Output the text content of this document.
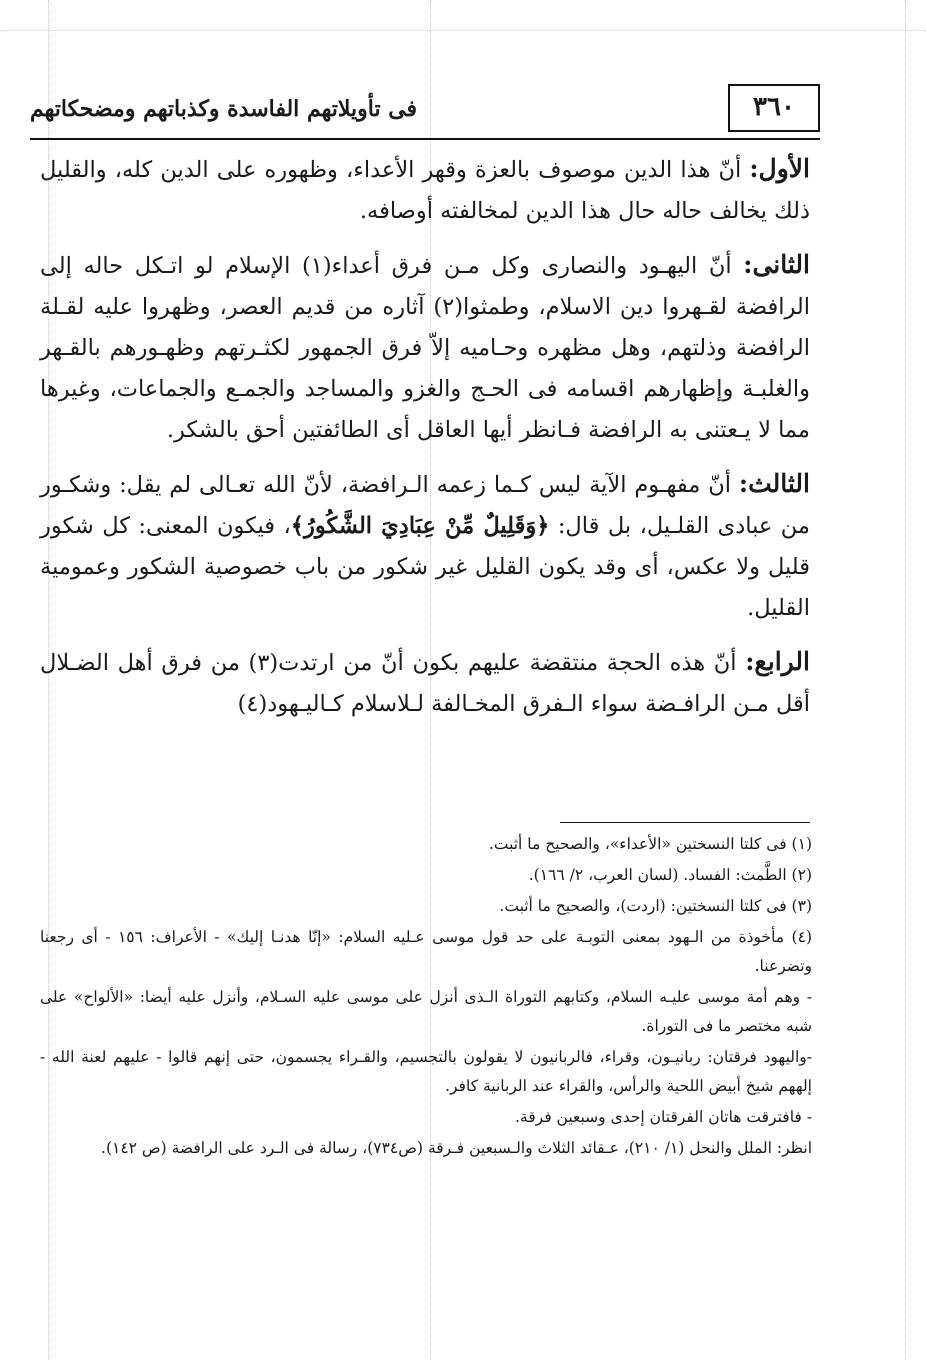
٣٦٠
فى تأويلاتهم الفاسدة وكذباتهم ومضحكاتهم

الأول: أنّ هذا الدين موصوف بالعزة وقهر الأعداء، وظهوره على الدين كله، والقليل ذلك يخالف حاله حال هذا الدين لمخالفته أوصافه.

الثانى: أنّ اليهـود والنصارى وكل مـن فرق أعداء(١) الإسلام لو اتـكل حاله إلى الرافضة لقـهروا دين الاسلام، وطمثوا(٢) آثاره من قديم العصر، وظهروا عليه لقـلة الرافضة وذلتهم، وهل مظهره وحـاميه إلاّ فرق الجمهور لكثـرتهم وظهـورهم بالقـهر والغلبـة وإظهارهم اقسامه فى الحـج والغزو والمساجد والجمـع والجماعات، وغيرها مما لا يـعتنى به الرافضة فـانظر أيها العاقل أى الطائفتين أحق بالشكر.

الثالث: أنّ مفهـوم الآية ليس كـما زعمه الـرافضة، لأنّ الله تعـالى لم يقل: وشكـور من عبادى القلـيل، بل قال: ﴿وَقَلِيلٌ مِّنْ عِبَادِيَ الشَّكُورُ﴾، فيكون المعنى: كل شكور قليل ولا عكس، أى وقد يكون القليل غير شكور من باب خصوصية الشكور وعمومية القليل.

الرابع: أنّ هذه الحجة منتقضة عليهم بكون أنّ من ارتدت(٣) من فرق أهل الضـلال أقل مـن الرافـضة سواء الـفرق المخـالفة لـلاسلام كـاليـهود(٤)

(١) فى كلتا النسختين «الأعداء»، والصحيح ما أثبت.

(٢) الطَّمث: الفساد. (لسان العرب، ٢/ ١٦٦).

(٣) فى كلتا النسختين: (اردت)، والصحيح ما أثبت.

(٤) مأخوذة من الـهود بمعنى التوبـة على حد قول موسى عـليه السلام: «إنّا هدنـا إليك» - الأعراف: ١٥٦ - أى رجعنا وتضرعنا.

- وهم أمة موسى عليـه السلام، وكتابهم التوراة الـذى أنزل على موسى عليه السـلام، وأنزل عليه أيضا: «الألواح» على شبه مختصر ما فى التوراة.

-واليهود فرقتان: ربانيـون، وقراء، فالربانيون لا يقولون بالتجسيم، والقـراء يجسمون، حتى إنهم قالوا - عليهم لعنة الله - إلههم شيخ أبيض اللحية والرأس، والقراء عند الربانية كافر.

- فافترقت هاتان الفرقتان إحدى وسبعين فرقة.

انظر: الملل والنحل (١/ ٢١٠)، عـقائد الثلاث والـسبعين فـرقة (ص٧٣٤)، رسالة فى الـرد على الرافضة (ص ١٤٢).
